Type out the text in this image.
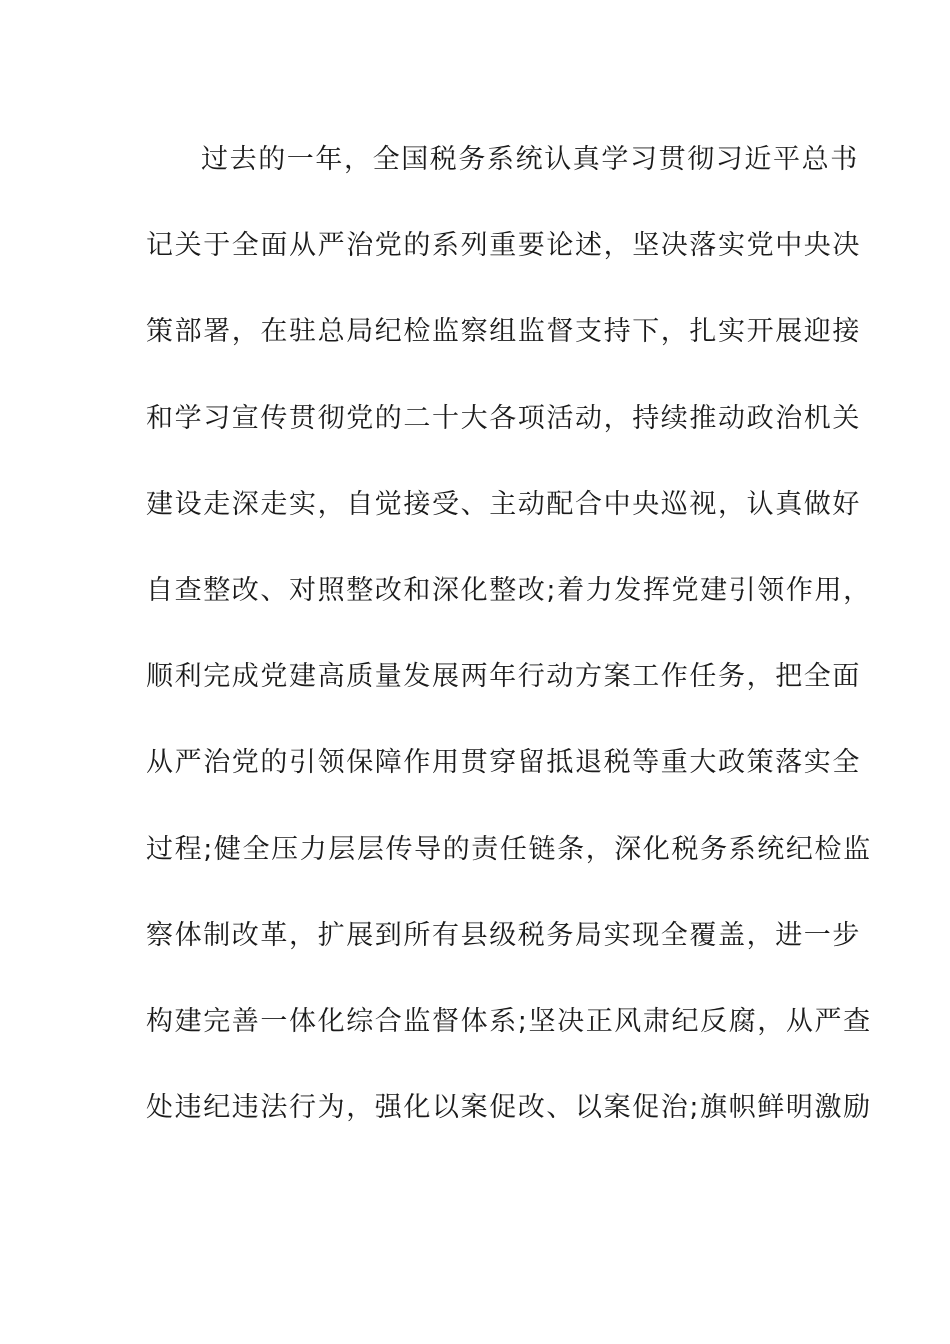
过去的一年，全国税务系统认真学习贯彻习近平总书
记关于全面从严治党的系列重要论述，坚决落实党中央决
策部署，在驻总局纪检监察组监督支持下，扎实开展迎接
和学习宣传贯彻党的二十大各项活动，持续推动政治机关
建设走深走实，自觉接受、主动配合中央巡视，认真做好
自查整改、对照整改和深化整改;着力发挥党建引领作用，
顺利完成党建高质量发展两年行动方案工作任务，把全面
从严治党的引领保障作用贯穿留抵退税等重大政策落实全
过程;健全压力层层传导的责任链条，深化税务系统纪检监
察体制改革，扩展到所有县级税务局实现全覆盖，进一步
构建完善一体化综合监督体系;坚决正风肃纪反腐，从严查
处违纪违法行为，强化以案促改、以案促治;旗帜鲜明激励
